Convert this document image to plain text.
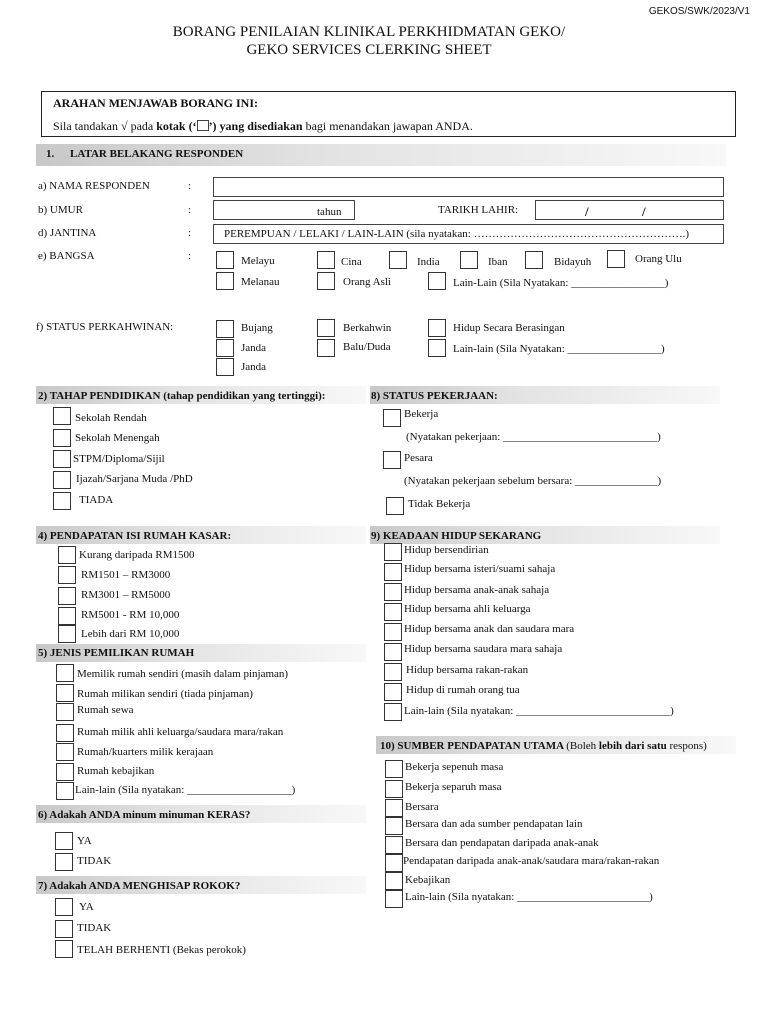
GEKOS/SWK/2023/V1
BORANG PENILAIAN KLINIKAL PERKHIDMATAN GEKO/
GEKO SERVICES CLERKING SHEET
ARAHAN MENJAWAB BORANG INI:
Sila tandakan √ pada kotak (‘ ’) yang disediakan bagi menandakan jawapan ANDA.
1. LATAR BELAKANG RESPONDEN
a) NAMA RESPONDEN	:
b) UMUR	:	tahun	TARIKH LAHIR:	/	/
d) JANTINA	:	PEREMPUAN / LELAKI / LAIN-LAIN (sila nyatakan: ………………………………………………….)
e) BANGSA	:	Melayu	Cina	India	Iban	Bidayuh	Orang Ulu
Melanau	Orang Asli	Lain-Lain (Sila Nyatakan: _________________)
f) STATUS PERKAHWINAN:	Bujang	Berkahwin	Hidup Secara Berasingan
Janda	Balu/Duda	Lain-lain (Sila Nyatakan: _________________)
Janda
2) TAHAP PENDIDIKAN (tahap pendidikan yang tertinggi):
Sekolah Rendah
Sekolah Menengah
STPM/Diploma/Sijil
Ijazah/Sarjana Muda /PhD
TIADA
8) STATUS PEKERJAAN:
Bekerja
(Nyatakan pekerjaan: ____________________________)
Pesara
(Nyatakan pekerjaan sebelum bersara: _______________)
Tidak Bekerja
4) PENDAPATAN ISI RUMAH KASAR:
Kurang daripada RM1500
RM1501 – RM3000
RM3001 – RM5000
RM5001 - RM 10,000
Lebih dari RM 10,000
5) JENIS PEMILIKAN RUMAH
Memilik rumah sendiri (masih dalam pinjaman)
Rumah milikan sendiri (tiada pinjaman)
Rumah sewa
Rumah milik ahli keluarga/saudara mara/rakan
Rumah/kuarters milik kerajaan
Rumah kebajikan
Lain-lain (Sila nyatakan: ___________________)
9) KEADAAN HIDUP SEKARANG
Hidup bersendirian
Hidup bersama isteri/suami sahaja
Hidup bersama anak-anak sahaja
Hidup bersama ahli keluarga
Hidup bersama anak dan saudara mara
Hidup bersama saudara mara sahaja
Hidup bersama rakan-rakan
Hidup di rumah orang tua
Lain-lain (Sila nyatakan: ____________________________)
10) SUMBER PENDAPATAN UTAMA (Boleh lebih dari satu respons)
Bekerja sepenuh masa
Bekerja separuh masa
Bersara
Bersara dan ada sumber pendapatan lain
Bersara dan pendapatan daripada anak-anak
Pendapatan daripada anak-anak/saudara mara/rakan-rakan
Kebajikan
Lain-lain (Sila nyatakan: ________________________)
6) Adakah ANDA minum minuman KERAS?
YA
TIDAK
7) Adakah ANDA MENGHISAP ROKOK?
YA
TIDAK
TELAH BERHENTI (Bekas perokok)
